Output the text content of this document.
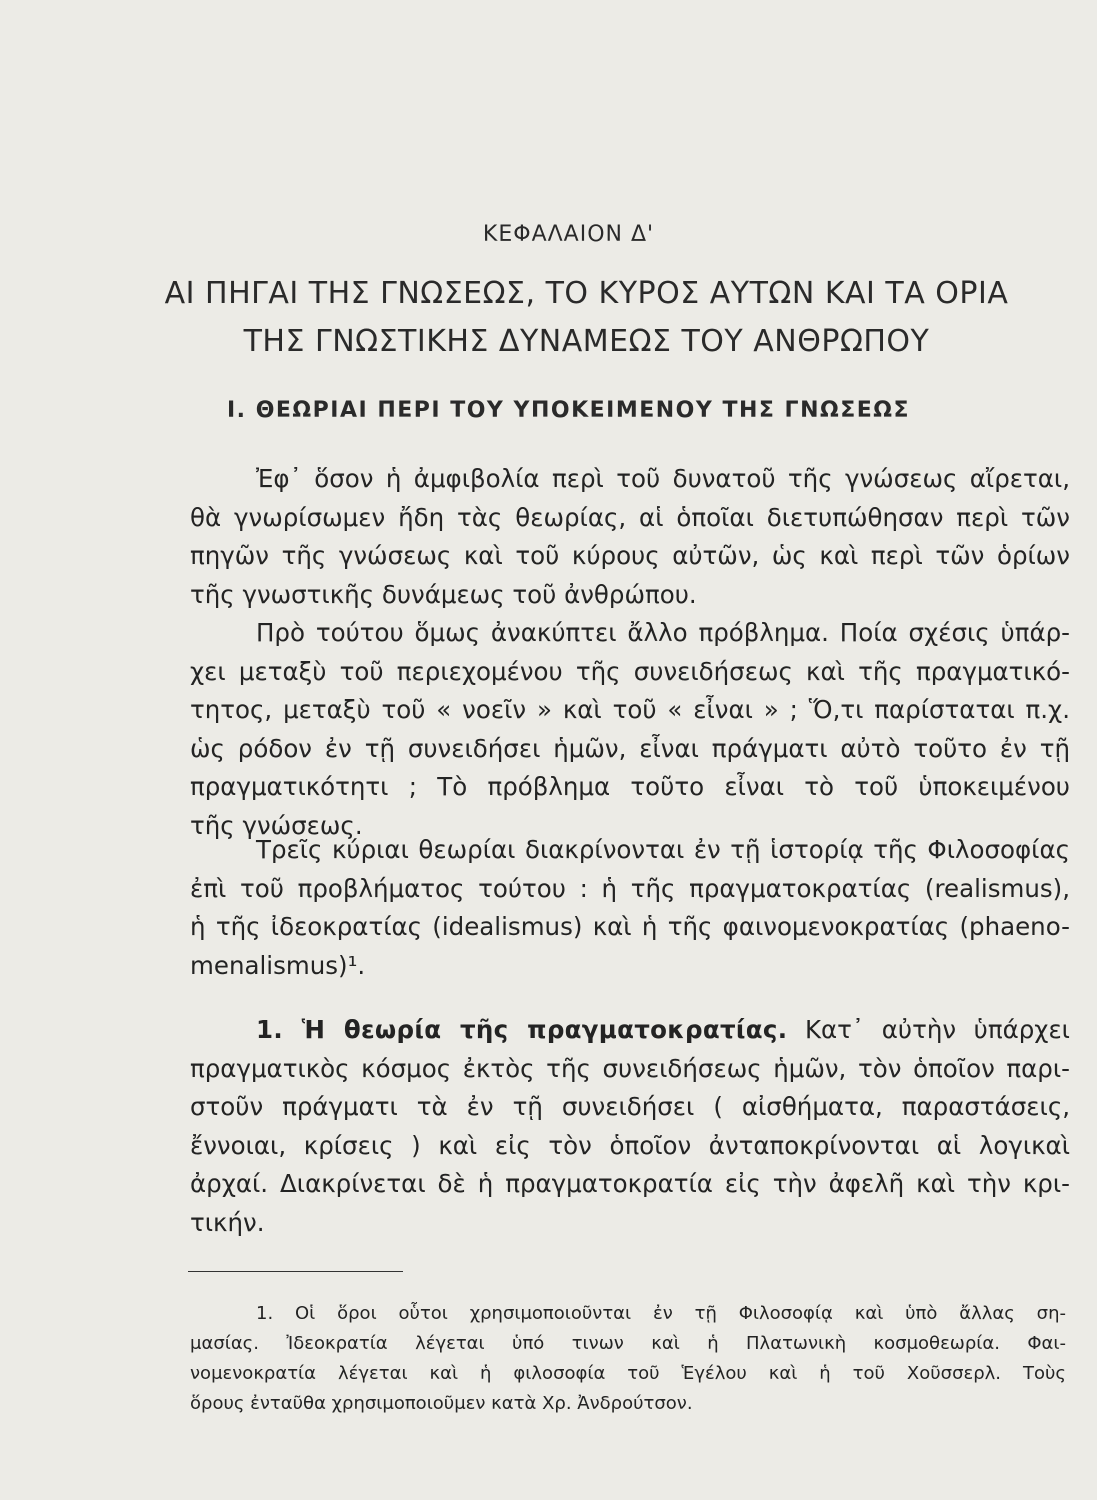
ΚΕΦΑΛΑΙΟΝ Δ'
ΑΙ ΠΗΓΑΙ ΤΗΣ ΓΝΩΣΕΩΣ, ΤΟ ΚΥΡΟΣ ΑΥΤΩΝ ΚΑΙ ΤΑ ΟΡΙΑ
ΤΗΣ ΓΝΩΣΤΙΚΗΣ ΔΥΝΑΜΕΩΣ ΤΟΥ ΑΝΘΡΩΠΟΥ
Ι. ΘΕΩΡΙΑΙ ΠΕΡΙ ΤΟΥ ΥΠΟΚΕΙΜΕΝΟΥ ΤΗΣ ΓΝΩΣΕΩΣ
Ἐφ᾿ ὅσον ἡ ἀμφιβολία περὶ τοῦ δυνατοῦ τῆς γνώσεως αἴρεται,
θὰ γνωρίσωμεν ἤδη τὰς θεωρίας, αἱ ὁποῖαι διετυπώθησαν περὶ τῶν
πηγῶν τῆς γνώσεως καὶ τοῦ κύρους αὐτῶν, ὡς καὶ περὶ τῶν ὁρίων
τῆς γνωστικῆς δυνάμεως τοῦ ἀνθρώπου.
Πρὸ τούτου ὅμως ἀνακύπτει ἄλλο πρόβλημα. Ποία σχέσις ὑπάρ-
χει μεταξὺ τοῦ περιεχομένου τῆς συνειδήσεως καὶ τῆς πραγματικό-
τητος, μεταξὺ τοῦ « νοεῖν » καὶ τοῦ « εἶναι » ; Ὅ,τι παρίσταται π.χ.
ὡς ρόδον ἐν τῇ συνειδήσει ἡμῶν, εἶναι πράγματι αὐτὸ τοῦτο ἐν τῇ
πραγματικότητι ; Τὸ πρόβλημα τοῦτο εἶναι τὸ τοῦ ὑποκειμένου
τῆς γνώσεως.
Τρεῖς κύριαι θεωρίαι διακρίνονται ἐν τῇ ἱστορίᾳ τῆς Φιλοσοφίας
ἐπὶ τοῦ προβλήματος τούτου : ἡ τῆς πραγματοκρατίας (realismus),
ἡ τῆς ἰδεοκρατίας (idealismus) καὶ ἡ τῆς φαινομενοκρατίας (phaeno-
menalismus)¹.
1. Ἡ θεωρία τῆς πραγματοκρατίας. Κατ᾿ αὐτὴν ὑπάρχει
πραγματικὸς κόσμος ἐκτὸς τῆς συνειδήσεως ἡμῶν, τὸν ὁποῖον παρι-
στοῦν πράγματι τὰ ἐν τῇ συνειδήσει ( αἰσθήματα, παραστάσεις,
ἔννοιαι, κρίσεις ) καὶ εἰς τὸν ὁποῖον ἀνταποκρίνονται αἱ λογικαὶ
ἀρχαί. Διακρίνεται δὲ ἡ πραγματοκρατία εἰς τὴν ἀφελῆ καὶ τὴν κρι-
τικήν.
1. Οἱ ὅροι οὗτοι χρησιμοποιοῦνται ἐν τῇ Φιλοσοφίᾳ καὶ ὑπὸ ἄλλας ση-
μασίας. Ἰδεοκρατία λέγεται ὑπό τινων καὶ ἡ Πλατωνικὴ κοσμοθεωρία. Φαι-
νομενοκρατία λέγεται καὶ ἡ φιλοσοφία τοῦ Ἑγέλου καὶ ἡ τοῦ Χοῦσσερλ. Τοὺς
ὅρους ἐνταῦθα χρησιμοποιοῦμεν κατὰ Χρ. Ἀνδρούτσον.
